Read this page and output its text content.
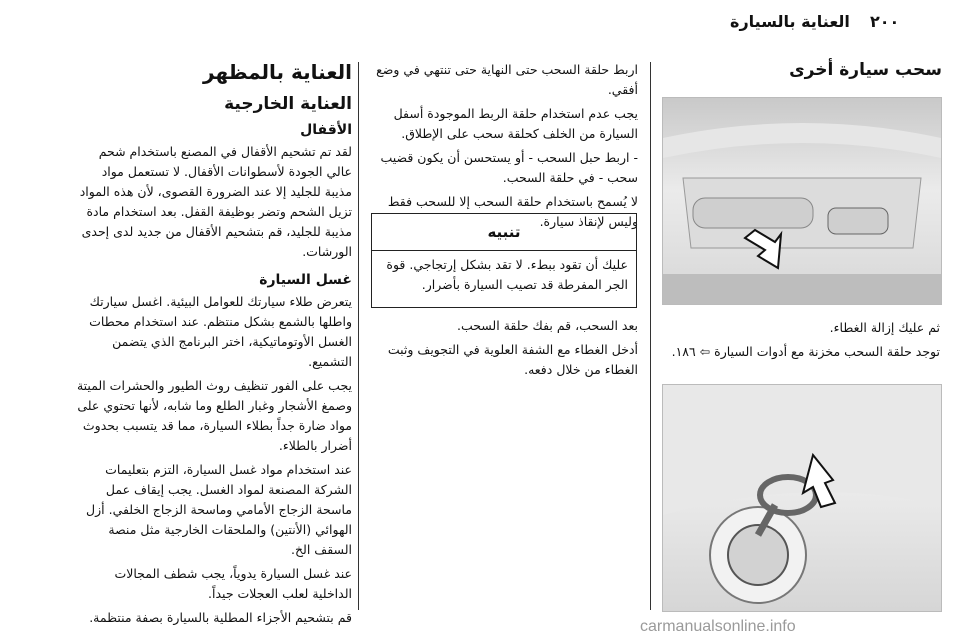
٢٠٠
العناية بالسيارة
سحب سيارة أخرى
ثم عليك إزالة الغطاء.
توجد حلقة السحب مخزنة مع أدوات السيارة ⇦ ١٨٦.

اربط حلقة السحب حتى النهاية حتى تنتهي في وضع أفقي.

يجب عدم استخدام حلقة الربط الموجودة أسفل السيارة من الخلف كحلقة سحب على الإطلاق.

- اربط حبل السحب - أو يستحسن أن يكون قضيب سحب - في حلقة السحب.

لا يُسمح باستخدام حلقة السحب إلا للسحب فقط وليس لإنقاذ سيارة.

تنبيه
عليك أن تقود ببطء. لا تقد بشكل إرتجاجي. قوة الجر المفرطة قد تصيب السيارة بأضرار.

بعد السحب، قم بفك حلقة السحب.

أدخل الغطاء مع الشفة العلوية في التجويف وثبت الغطاء من خلال دفعه.

العناية بالمظهر
العناية الخارجية
الأقفال

لقد تم تشحيم الأقفال في المصنع باستخدام شحم عالي الجودة لأسطوانات الأقفال. لا تستعمل مواد مذيبة للجليد إلا عند الضرورة القصوى، لأن هذه المواد تزيل الشحم وتضر بوظيفة القفل. بعد استخدام مادة مذيبة للجليد، قم بتشحيم الأقفال من جديد لدى إحدى الورشات.

غسل السيارة

يتعرض طلاء سيارتك للعوامل البيئية. اغسل سيارتك واطلها بالشمع بشكل منتظم. عند استخدام محطات الغسل الأوتوماتيكية، اختر البرنامج الذي يتضمن التشميع.

يجب على الفور تنظيف روث الطيور والحشرات الميتة وصمغ الأشجار وغبار الطلع وما شابه، لأنها تحتوي على مواد ضارة جداً بطلاء السيارة، مما قد يتسبب بحدوث أضرار بالطلاء.

عند استخدام مواد غسل السيارة، التزم بتعليمات الشركة المصنعة لمواد الغسل. يجب إيقاف عمل ماسحة الزجاج الأمامي وماسحة الزجاج الخلفي. أزل الهوائي (الأنتين) والملحقات الخارجية مثل منصة السقف الخ.

عند غسل السيارة يدوياً، يجب شطف المجالات الداخلية لعلب العجلات جيداً.

قم بتشحيم الأجزاء المطلية بالسيارة بصفة منتظمة.

carmanualsonline.info
